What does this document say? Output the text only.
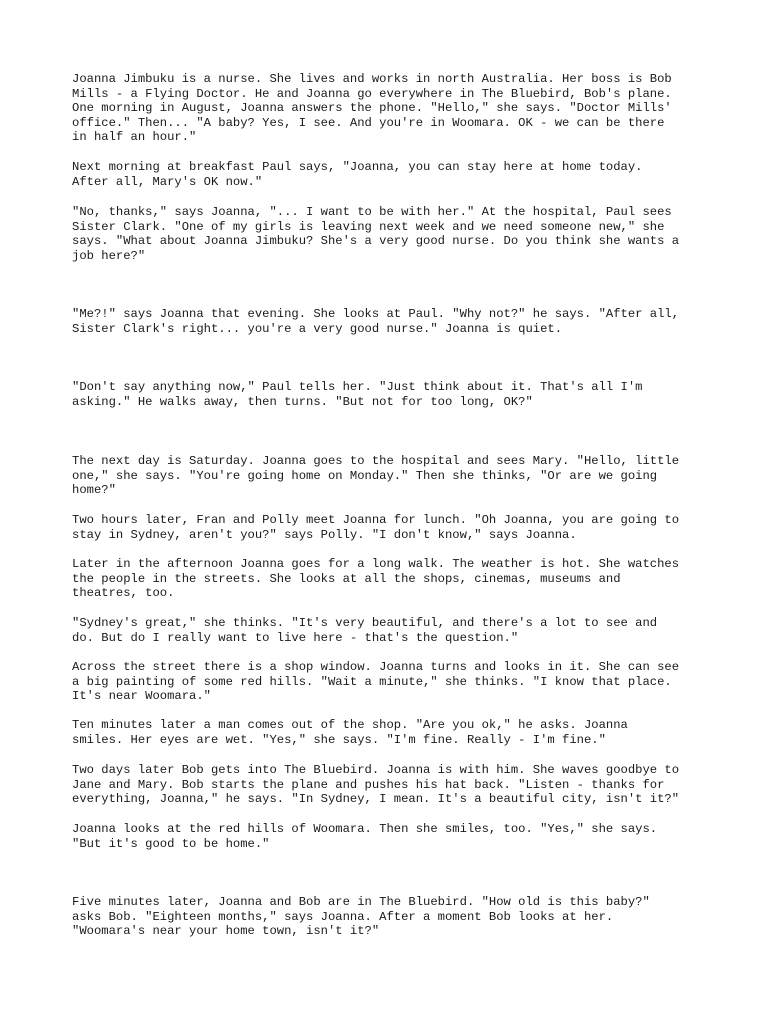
Joanna Jimbuku is a nurse. She lives and works in north Australia. Her boss is Bob
Mills - a Flying Doctor. He and Joanna go everywhere in The Bluebird, Bob's plane.
One morning in August, Joanna answers the phone. "Hello," she says. "Doctor Mills'
office." Then... "A baby? Yes, I see. And you're in Woomara. OK - we can be there
in half an hour."

Next morning at breakfast Paul says, "Joanna, you can stay here at home today.
After all, Mary's OK now."

"No, thanks," says Joanna, "... I want to be with her." At the hospital, Paul sees
Sister Clark. "One of my girls is leaving next week and we need someone new," she
says. "What about Joanna Jimbuku? She's a very good nurse. Do you think she wants a
job here?"

"Me?!" says Joanna that evening. She looks at Paul. "Why not?" he says. "After all,
Sister Clark's right... you're a very good nurse." Joanna is quiet.

"Don't say anything now," Paul tells her. "Just think about it. That's all I'm
asking." He walks away, then turns. "But not for too long, OK?"

The next day is Saturday. Joanna goes to the hospital and sees Mary. "Hello, little
one," she says. "You're going home on Monday." Then she thinks, "Or are we going
home?"

Two hours later, Fran and Polly meet Joanna for lunch. "Oh Joanna, you are going to
stay in Sydney, aren't you?" says Polly. "I don't know," says Joanna.

Later in the afternoon Joanna goes for a long walk. The weather is hot. She watches
the people in the streets. She looks at all the shops, cinemas, museums and
theatres, too.

"Sydney's great," she thinks. "It's very beautiful, and there's a lot to see and
do. But do I really want to live here - that's the question."

Across the street there is a shop window. Joanna turns and looks in it. She can see
a big painting of some red hills. "Wait a minute," she thinks. "I know that place.
It's near Woomara."

Ten minutes later a man comes out of the shop. "Are you ok," he asks. Joanna
smiles. Her eyes are wet. "Yes," she says. "I'm fine. Really - I'm fine."

Two days later Bob gets into The Bluebird. Joanna is with him. She waves goodbye to
Jane and Mary. Bob starts the plane and pushes his hat back. "Listen - thanks for
everything, Joanna," he says. "In Sydney, I mean. It's a beautiful city, isn't it?"

Joanna looks at the red hills of Woomara. Then she smiles, too. "Yes," she says.
"But it's good to be home."

Five minutes later, Joanna and Bob are in The Bluebird. "How old is this baby?"
asks Bob. "Eighteen months," says Joanna. After a moment Bob looks at her.
"Woomara's near your home town, isn't it?"
